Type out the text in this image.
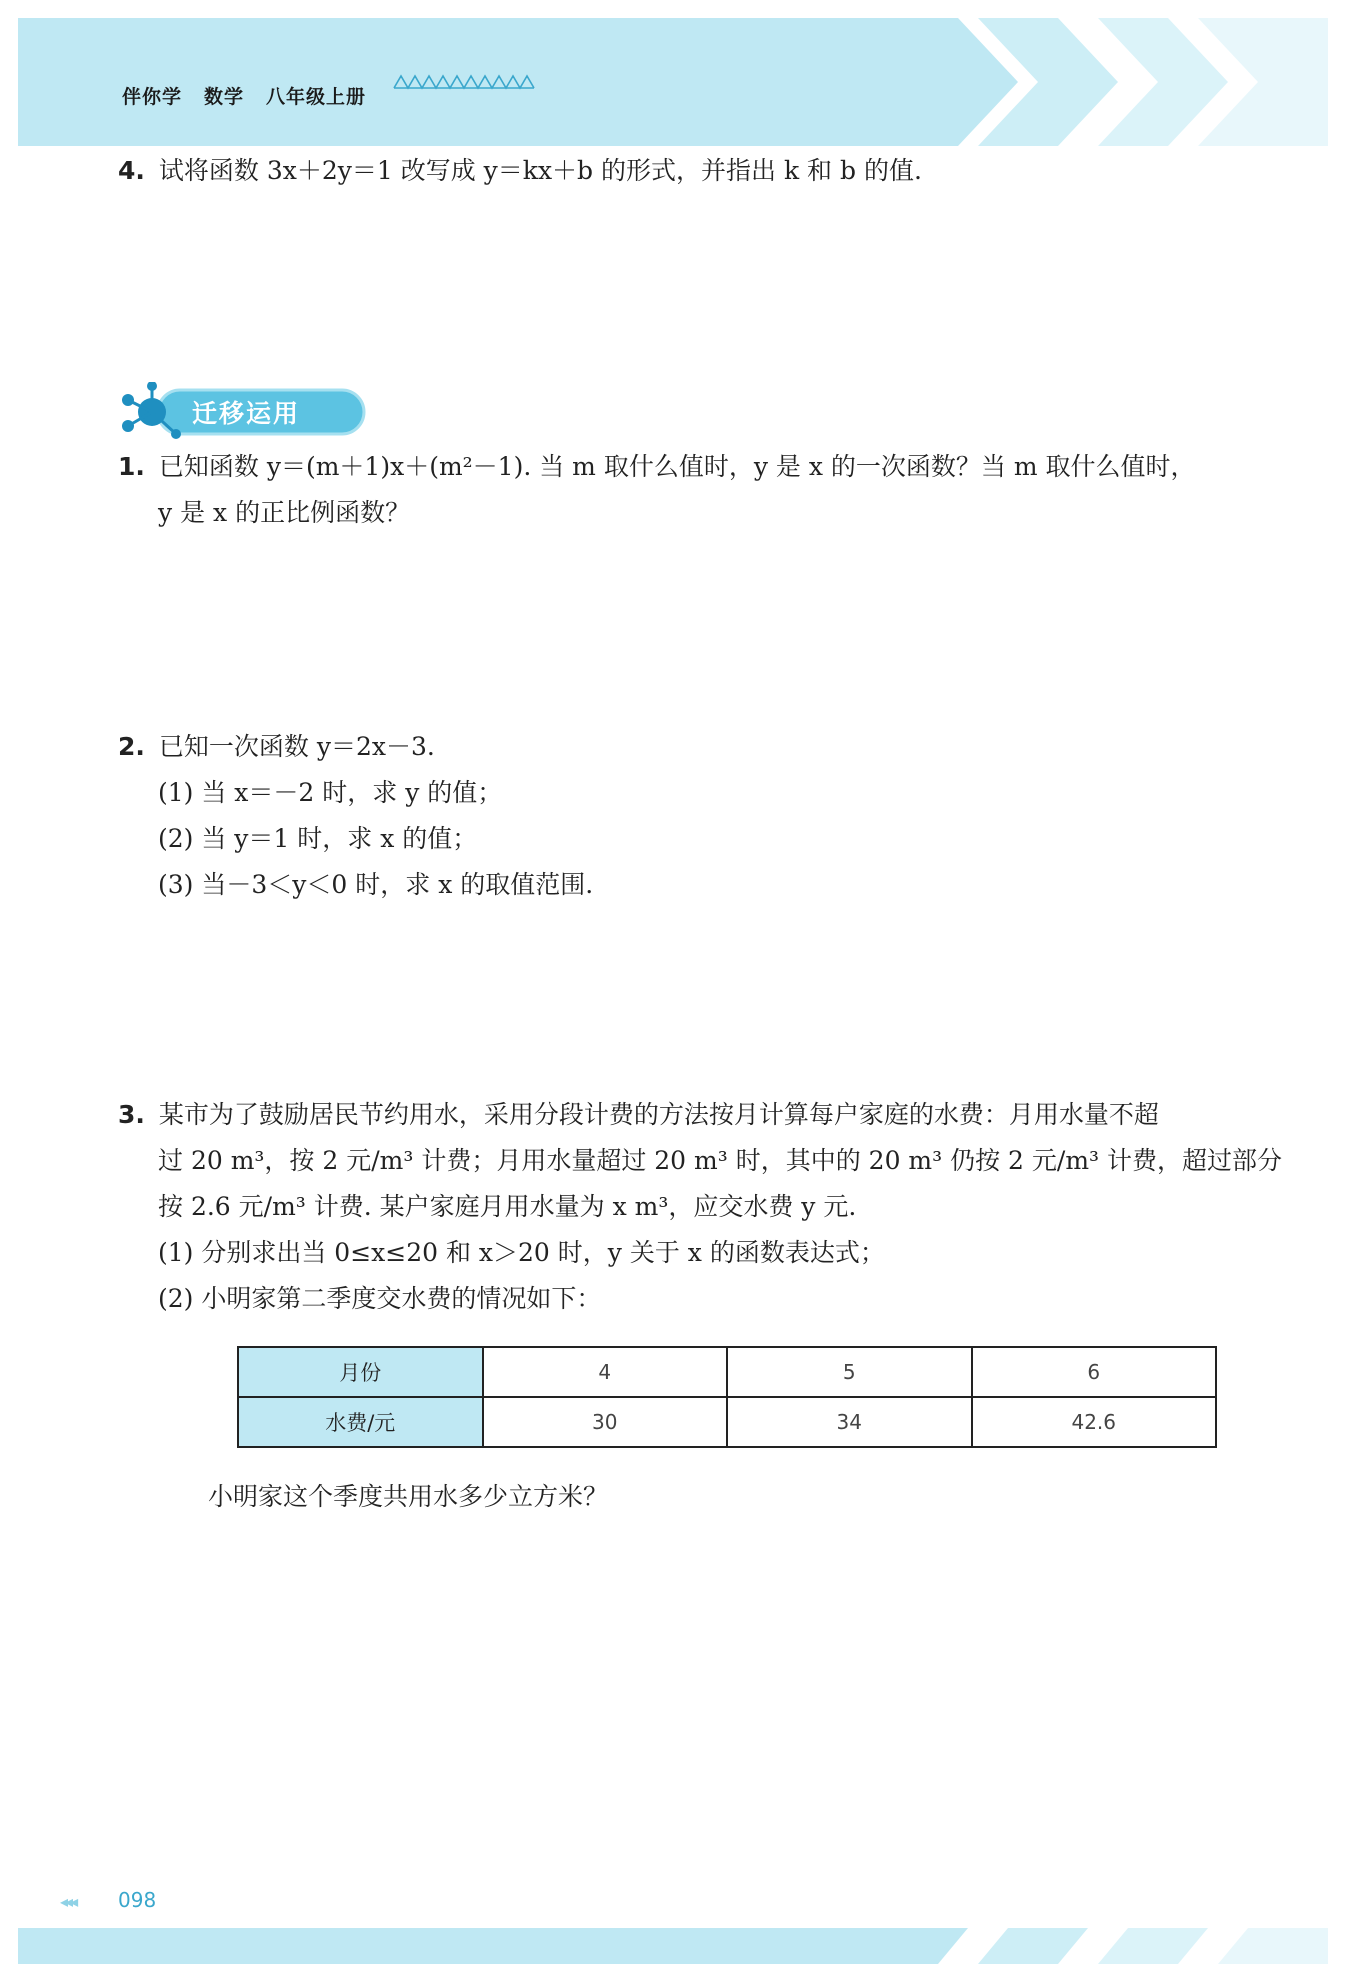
伴你学 数学 八年级上册
4. 试将函数 3x＋2y＝1 改写成 y＝kx＋b 的形式，并指出 k 和 b 的值.
迁移运用
1. 已知函数 y＝(m＋1)x＋(m²－1). 当 m 取什么值时，y 是 x 的一次函数？当 m 取什么值时，
y 是 x 的正比例函数？
2. 已知一次函数 y＝2x－3.
(1) 当 x＝－2 时，求 y 的值；
(2) 当 y＝1 时，求 x 的值；
(3) 当－3＜y＜0 时，求 x 的取值范围.
3. 某市为了鼓励居民节约用水，采用分段计费的方法按月计算每户家庭的水费：月用水量不超
过 20 m³，按 2 元/m³ 计费；月用水量超过 20 m³ 时，其中的 20 m³ 仍按 2 元/m³ 计费，超过部分
按 2.6 元/m³ 计费. 某户家庭月用水量为 x m³，应交水费 y 元.
(1) 分别求出当 0≤x≤20 和 x＞20 时，y 关于 x 的函数表达式；
(2) 小明家第二季度交水费的情况如下：
月份	4	5	6
水费/元	30	34	42.6
小明家这个季度共用水多少立方米？
◂◂◂ 098
